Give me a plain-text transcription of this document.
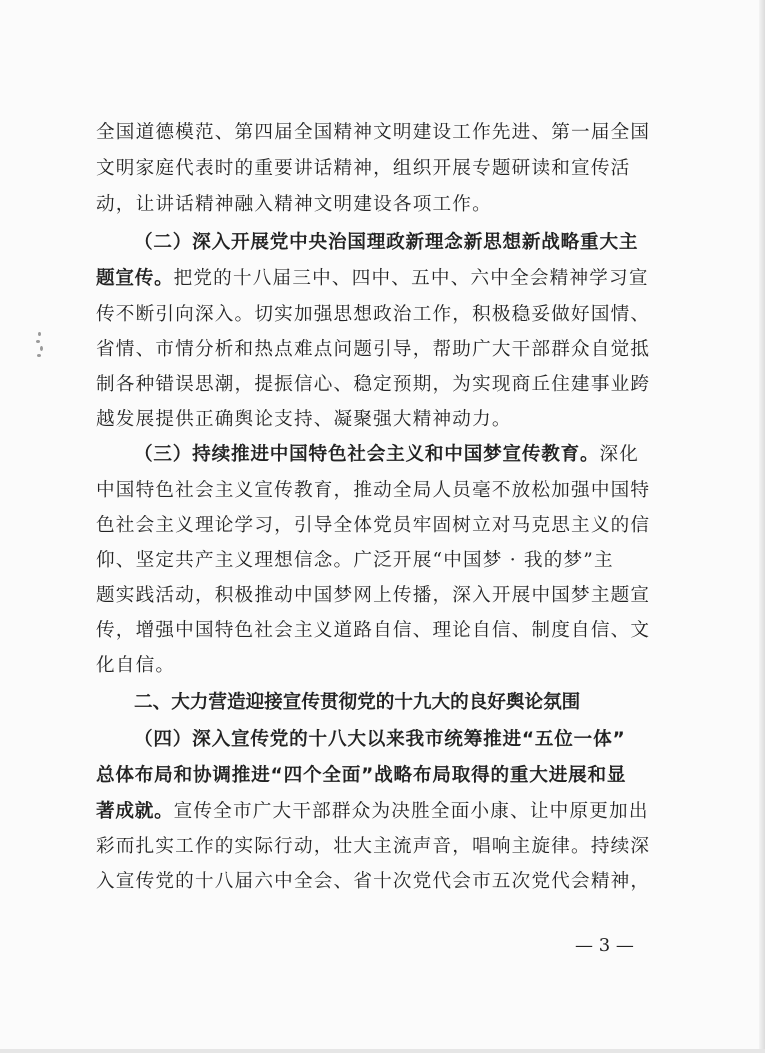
全国道德模范、第四届全国精神文明建设工作先进、第一届全国
文明家庭代表时的重要讲话精神，组织开展专题研读和宣传活
动，让讲话精神融入精神文明建设各项工作。
（二）深入开展党中央治国理政新理念新思想新战略重大主
题宣传。把党的十八届三中、四中、五中、六中全会精神学习宣
传不断引向深入。切实加强思想政治工作，积极稳妥做好国情、
省情、市情分析和热点难点问题引导，帮助广大干部群众自觉抵
制各种错误思潮，提振信心、稳定预期，为实现商丘住建事业跨
越发展提供正确舆论支持、凝聚强大精神动力。
（三）持续推进中国特色社会主义和中国梦宣传教育。深化
中国特色社会主义宣传教育，推动全局人员毫不放松加强中国特
色社会主义理论学习，引导全体党员牢固树立对马克思主义的信
仰、坚定共产主义理想信念。广泛开展“中国梦 · 我的梦”主
题实践活动，积极推动中国梦网上传播，深入开展中国梦主题宣
传，增强中国特色社会主义道路自信、理论自信、制度自信、文
化自信。
二、大力营造迎接宣传贯彻党的十九大的良好舆论氛围
（四）深入宣传党的十八大以来我市统筹推进“五位一体”
总体布局和协调推进“四个全面”战略布局取得的重大进展和显
著成就。宣传全市广大干部群众为决胜全面小康、让中原更加出
彩而扎实工作的实际行动，壮大主流声音，唱响主旋律。持续深
入宣传党的十八届六中全会、省十次党代会市五次党代会精神，
— 3 —
